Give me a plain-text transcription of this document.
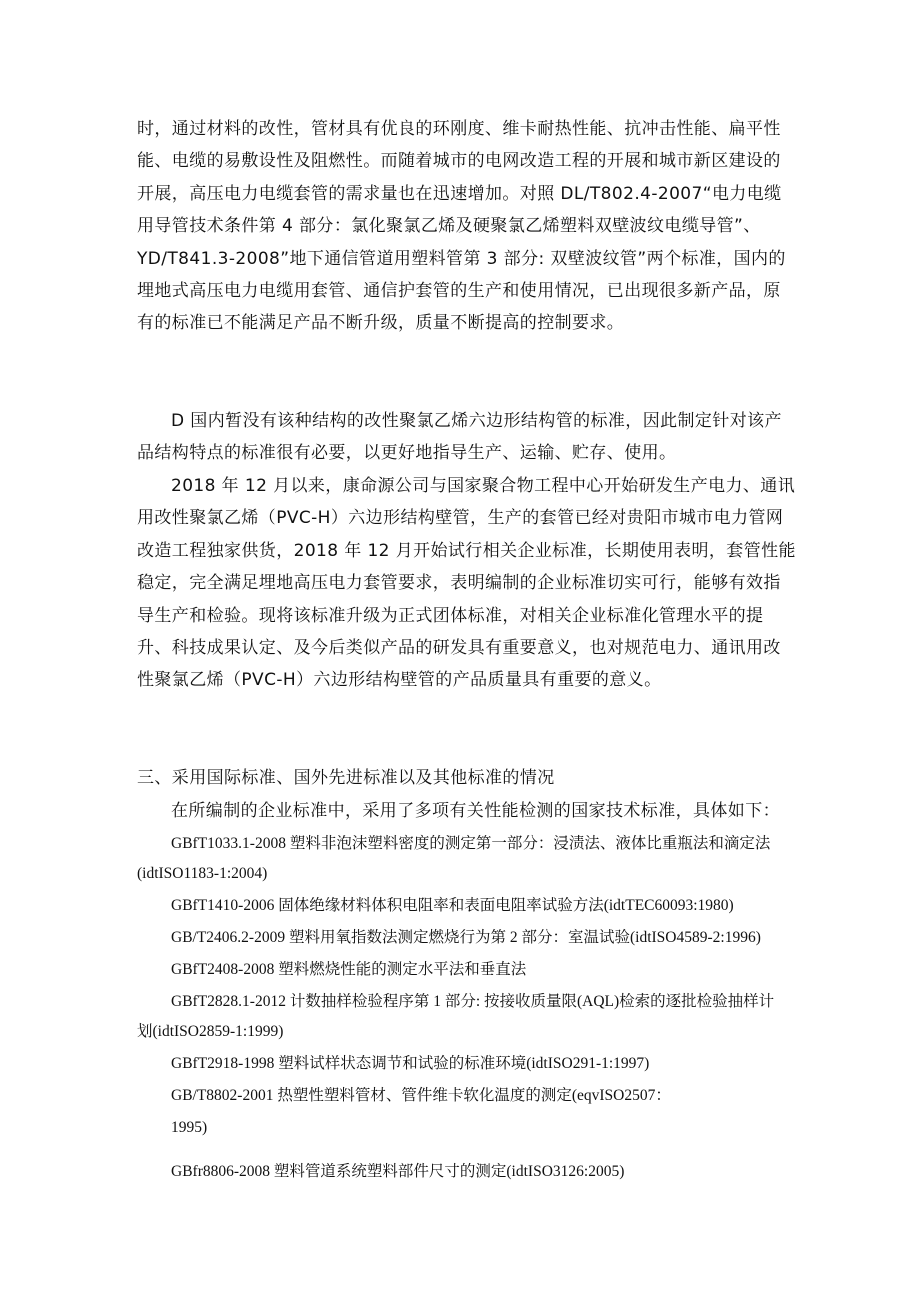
时，通过材料的改性，管材具有优良的环刚度、维卡耐热性能、抗冲击性能、扁平性能、电缆的易敷设性及阻燃性。而随着城市的电网改造工程的开展和城市新区建设的开展，高压电力电缆套管的需求量也在迅速增加。对照 DL/T802.4-2007“电力电缆用导管技术条件第 4 部分：氯化聚氯乙烯及硬聚氯乙烯塑料双壁波纹电缆导管”、YD/T841.3-2008”地下通信管道用塑料管第 3 部分: 双壁波纹管”两个标准，国内的埋地式高压电力电缆用套管、通信护套管的生产和使用情况，已出现很多新产品，原有的标准已不能满足产品不断升级，质量不断提高的控制要求。

D 国内暂没有该种结构的改性聚氯乙烯六边形结构管的标准，因此制定针对该产品结构特点的标准很有必要，以更好地指导生产、运输、贮存、使用。

2018 年 12 月以来，康命源公司与国家聚合物工程中心开始研发生产电力、通讯用改性聚氯乙烯（PVC-H）六边形结构壁管，生产的套管已经对贵阳市城市电力管网改造工程独家供货，2018 年 12 月开始试行相关企业标准，长期使用表明，套管性能稳定，完全满足埋地高压电力套管要求，表明编制的企业标准切实可行，能够有效指导生产和检验。现将该标准升级为正式团体标准，对相关企业标准化管理水平的提升、科技成果认定、及今后类似产品的研发具有重要意义，也对规范电力、通讯用改性聚氯乙烯（PVC-H）六边形结构壁管的产品质量具有重要的意义。

三、采用国际标准、国外先进标准以及其他标准的情况

在所编制的企业标准中，采用了多项有关性能检测的国家技术标准，具体如下：

GBfT1033.1-2008 塑料非泡沫塑料密度的测定第一部分：浸渍法、液体比重瓶法和滴定法
(idtISO1183-1:2004)
GBfT1410-2006 固体绝缘材料体积电阻率和表面电阻率试验方法(idtTEC60093:1980)
GB/T2406.2-2009 塑料用氧指数法测定燃烧行为第 2 部分：室温试验(idtISO4589-2:1996)
GBfT2408-2008 塑料燃烧性能的测定水平法和垂直法
GBfT2828.1-2012 计数抽样检验程序第 1 部分: 按接收质量限(AQL)检索的逐批检验抽样计
划(idtISO2859-1:1999)
GBfT2918-1998 塑料试样状态调节和试验的标准环境(idtISO291-1:1997)
GB/T8802-2001 热塑性塑料管材、管件维卡软化温度的测定(eqvISO2507：
1995)
GBfr8806-2008 塑料管道系统塑料部件尺寸的测定(idtISO3126:2005)
